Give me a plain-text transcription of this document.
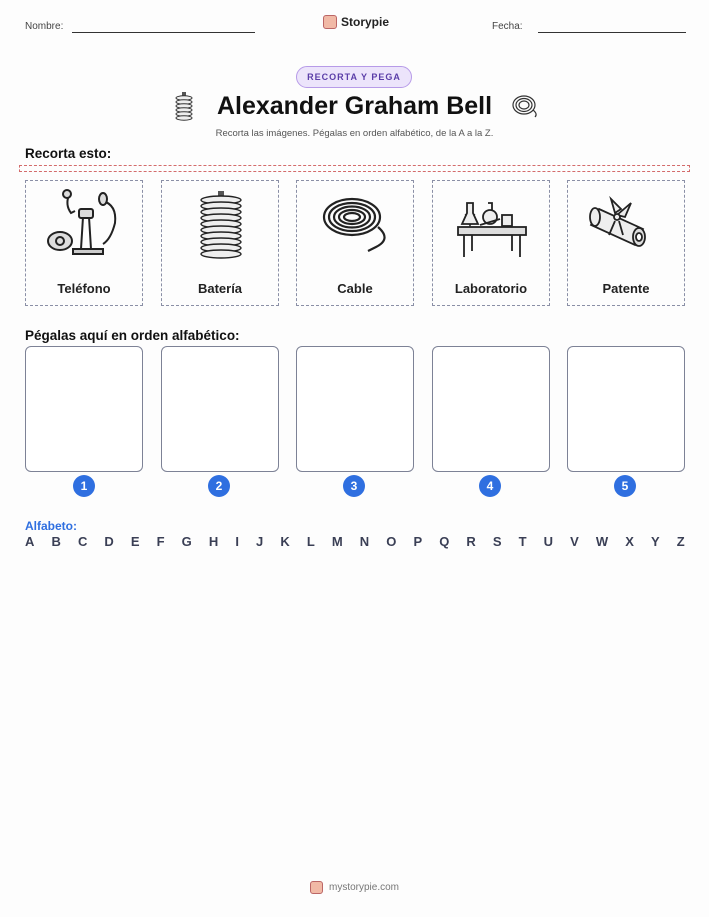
Nombre:	Storypie	Fecha:
RECORTA Y PEGA
Alexander Graham Bell
Recorta las imágenes. Pégalas en orden alfabético, de la A a la Z.
Recorta esto:
Teléfono	Batería	Cable	Laboratorio	Patente
Pégalas aquí en orden alfabético:
1	2	3	4	5
Alfabeto:
A B C D E F G H I J K L M N O P Q R S T U V W X Y Z
mystorypie.com
